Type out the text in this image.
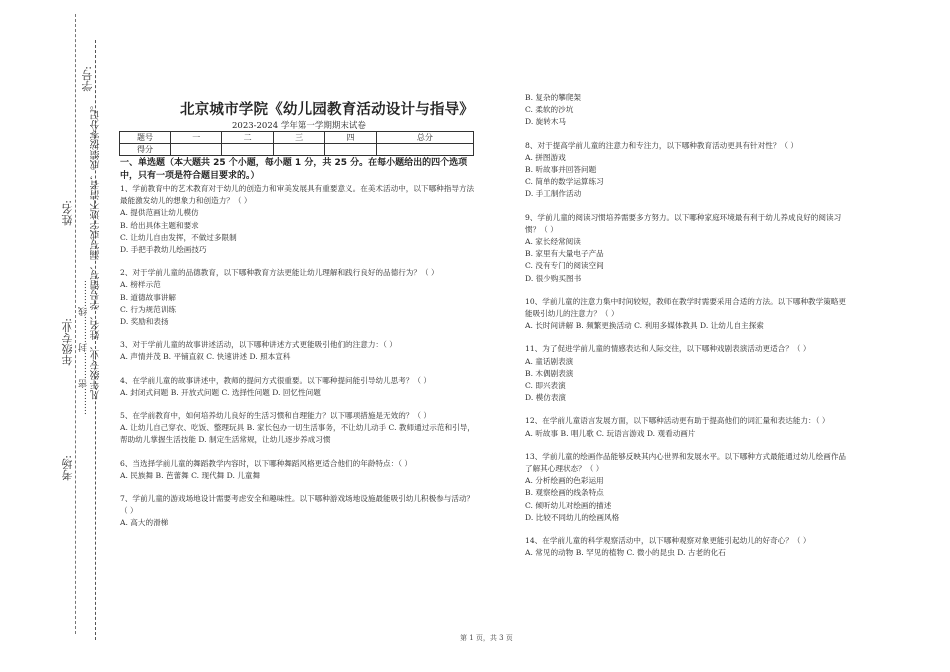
学号:
姓名:
年级专业:
考场:
………密………封………线……… 凡年级专业、姓名、学号错写、漏写或字迹不清者，成绩按零分记。	北京城市学院《幼儿园教育活动设计与指导》
2023-2024 学年第一学期期末试卷
题号	一	二	三	四	总分
得分					
一、单选题（本大题共 25 个小题，每小题 1 分，共 25 分。在每小题给出的四个选项中，只有一项是符合题目要求的。）
1、学前教育中的艺术教育对于幼儿的创造力和审美发展具有重要意义。在美术活动中，以下哪种指导方法最能激发幼儿的想象力和创造力？（ ）
A. 提供范画让幼儿模仿
B. 给出具体主题和要求
C. 让幼儿自由发挥，不做过多限制
D. 手把手教幼儿绘画技巧
2、对于学前儿童的品德教育，以下哪种教育方法更能让幼儿理解和践行良好的品德行为？（ ）
A. 榜样示范
B. 道德故事讲解
C. 行为规范训练
D. 奖励和表扬
3、对于学前儿童的故事讲述活动，以下哪种讲述方式更能吸引他们的注意力：（ ）
A. 声情并茂 B. 平铺直叙 C. 快速讲述 D. 照本宣科
4、在学前儿童的故事讲述中，教师的提问方式很重要。以下哪种提问能引导幼儿思考？（ ）
A. 封闭式问题 B. 开放式问题 C. 选择性问题 D. 回忆性问题
5、在学前教育中，如何培养幼儿良好的生活习惯和自理能力？以下哪项措施是无效的？（ ）
A. 让幼儿自己穿衣、吃饭、整理玩具 B. 家长包办一切生活事务，不让幼儿动手 C. 教师通过示范和引导，帮助幼儿掌握生活技能 D. 制定生活常规，让幼儿逐步养成习惯
6、当选择学前儿童的舞蹈教学内容时，以下哪种舞蹈风格更适合他们的年龄特点：（ ）
A. 民族舞 B. 芭蕾舞 C. 现代舞 D. 儿童舞
7、学前儿童的游戏场地设计需要考虑安全和趣味性。以下哪种游戏场地设施最能吸引幼儿积极参与活动？（ ）
A. 高大的滑梯
B. 复杂的攀爬架
C. 柔软的沙坑
D. 旋转木马
8、对于提高学前儿童的注意力和专注力，以下哪种教育活动更具有针对性？（ ）
A. 拼图游戏
B. 听故事并回答问题
C. 简单的数学运算练习
D. 手工制作活动
9、学前儿童的阅读习惯培养需要多方努力。以下哪种家庭环境最有利于幼儿养成良好的阅读习惯？（ ）
A. 家长经常阅读
B. 家里有大量电子产品
C. 没有专门的阅读空间
D. 很少购买图书
10、学前儿童的注意力集中时间较短，教师在教学时需要采用合适的方法。以下哪种教学策略更能吸引幼儿的注意力？（ ）
A. 长时间讲解 B. 频繁更换活动 C. 利用多媒体教具 D. 让幼儿自主探索
11、为了促进学前儿童的情感表达和人际交往，以下哪种戏剧表演活动更适合？（ ）
A. 童话剧表演
B. 木偶剧表演
C. 即兴表演
D. 模仿表演
12、在学前儿童语言发展方面，以下哪种活动更有助于提高他们的词汇量和表达能力：（ ）
A. 听故事 B. 唱儿歌 C. 玩语言游戏 D. 观看动画片
13、学前儿童的绘画作品能够反映其内心世界和发展水平。以下哪种方式最能通过幼儿绘画作品了解其心理状态？（ ）
A. 分析绘画的色彩运用
B. 观察绘画的线条特点
C. 倾听幼儿对绘画的描述
D. 比较不同幼儿的绘画风格
14、在学前儿童的科学观察活动中，以下哪种观察对象更能引起幼儿的好奇心？（ ）
A. 常见的动物 B. 罕见的植物 C. 微小的昆虫 D. 古老的化石
第 1 页，共 3 页
